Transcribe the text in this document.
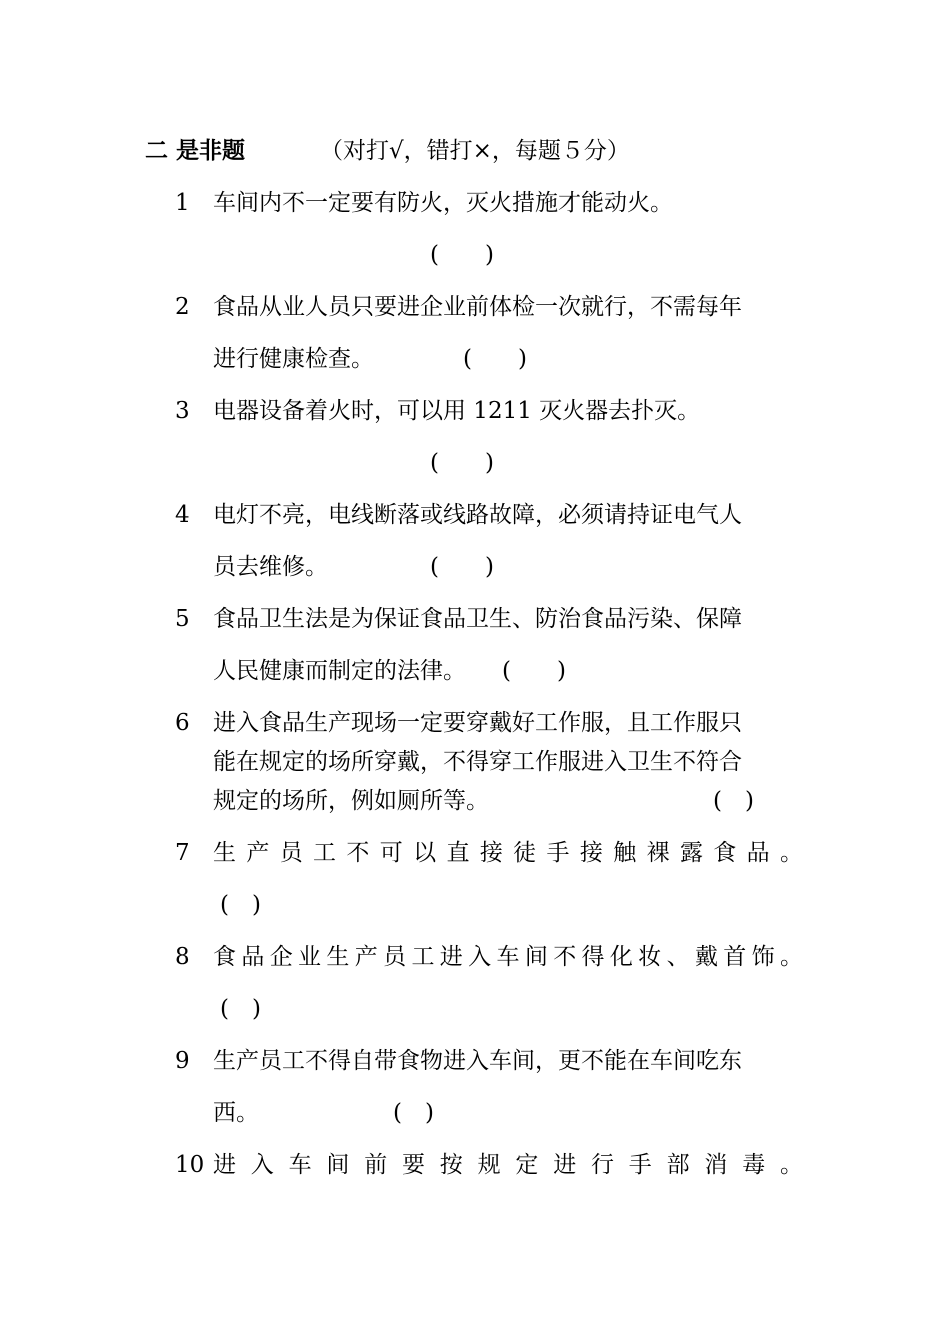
二 是非题	（对打√，错打×，每题５分）
1	车间内不一定要有防火，灭火措施才能动火。
(　　)
2	食品从业人员只要进企业前体检一次就行，不需每年
进行健康检查。	(　　)
3	电器设备着火时，可以用 1211 灭火器去扑灭。
(　　)
4	电灯不亮，电线断落或线路故障，必须请持证电气人
员去维修。	(　　)
5	食品卫生法是为保证食品卫生、防治食品污染、保障
人民健康而制定的法律。 (　　)
6	进入食品生产现场一定要穿戴好工作服，且工作服只
能在规定的场所穿戴，不得穿工作服进入卫生不符合
规定的场所，例如厕所等。	(　)
7	生产员工不可以直接徒手接触裸露食品。
(　)
8	食品企业生产员工进入车间不得化妆、戴首饰。
(　)
9	生产员工不得自带食物进入车间，更不能在车间吃东
西。	(　)
10 进入车间前要按规定进行手部消毒。
